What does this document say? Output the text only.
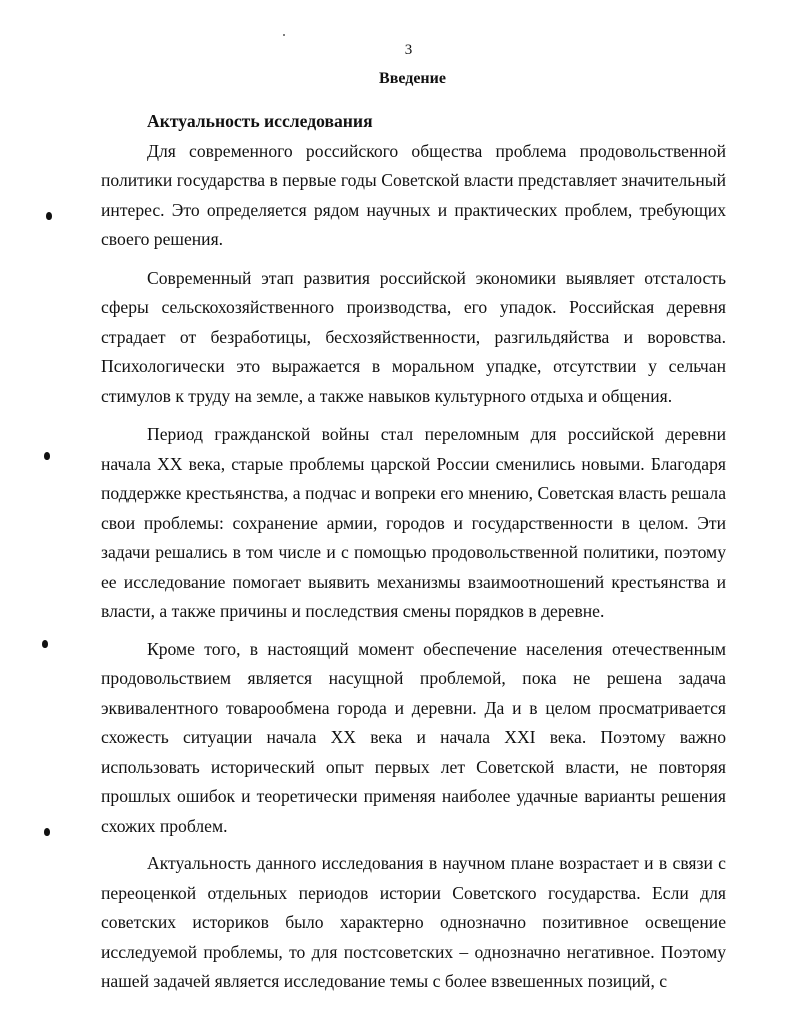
3
Введение

Актуальность исследования

Для современного российского общества проблема продовольственной политики государства в первые годы Советской власти представляет значительный интерес. Это определяется рядом научных и практических проблем, требующих своего решения.

Современный этап развития российской экономики выявляет отсталость сферы сельскохозяйственного производства, его упадок. Российская деревня страдает от безработицы, бесхозяйственности, разгильдяйства и воровства. Психологически это выражается в моральном упадке, отсутствии у сельчан стимулов к труду на земле, а также навыков культурного отдыха и общения.

Период гражданской войны стал переломным для российской деревни начала XX века, старые проблемы царской России сменились новыми. Благодаря поддержке крестьянства, а подчас и вопреки его мнению, Советская власть решала свои проблемы: сохранение армии, городов и государственности в целом. Эти задачи решались в том числе и с помощью продовольственной политики, поэтому ее исследование помогает выявить механизмы взаимоотношений крестьянства и власти, а также причины и последствия смены порядков в деревне.

Кроме того, в настоящий момент обеспечение населения отечественным продовольствием является насущной проблемой, пока не решена задача эквивалентного товарообмена города и деревни. Да и в целом просматривается схожесть ситуации начала XX века и начала XXI века. Поэтому важно использовать исторический опыт первых лет Советской власти, не повторяя прошлых ошибок и теоретически применяя наиболее удачные варианты решения схожих проблем.

Актуальность данного исследования в научном плане возрастает и в связи с переоценкой отдельных периодов истории Советского государства. Если для советских историков было характерно однозначно позитивное освещение исследуемой проблемы, то для постсоветских – однозначно негативное. Поэтому нашей задачей является исследование темы с более взвешенных позиций, с
